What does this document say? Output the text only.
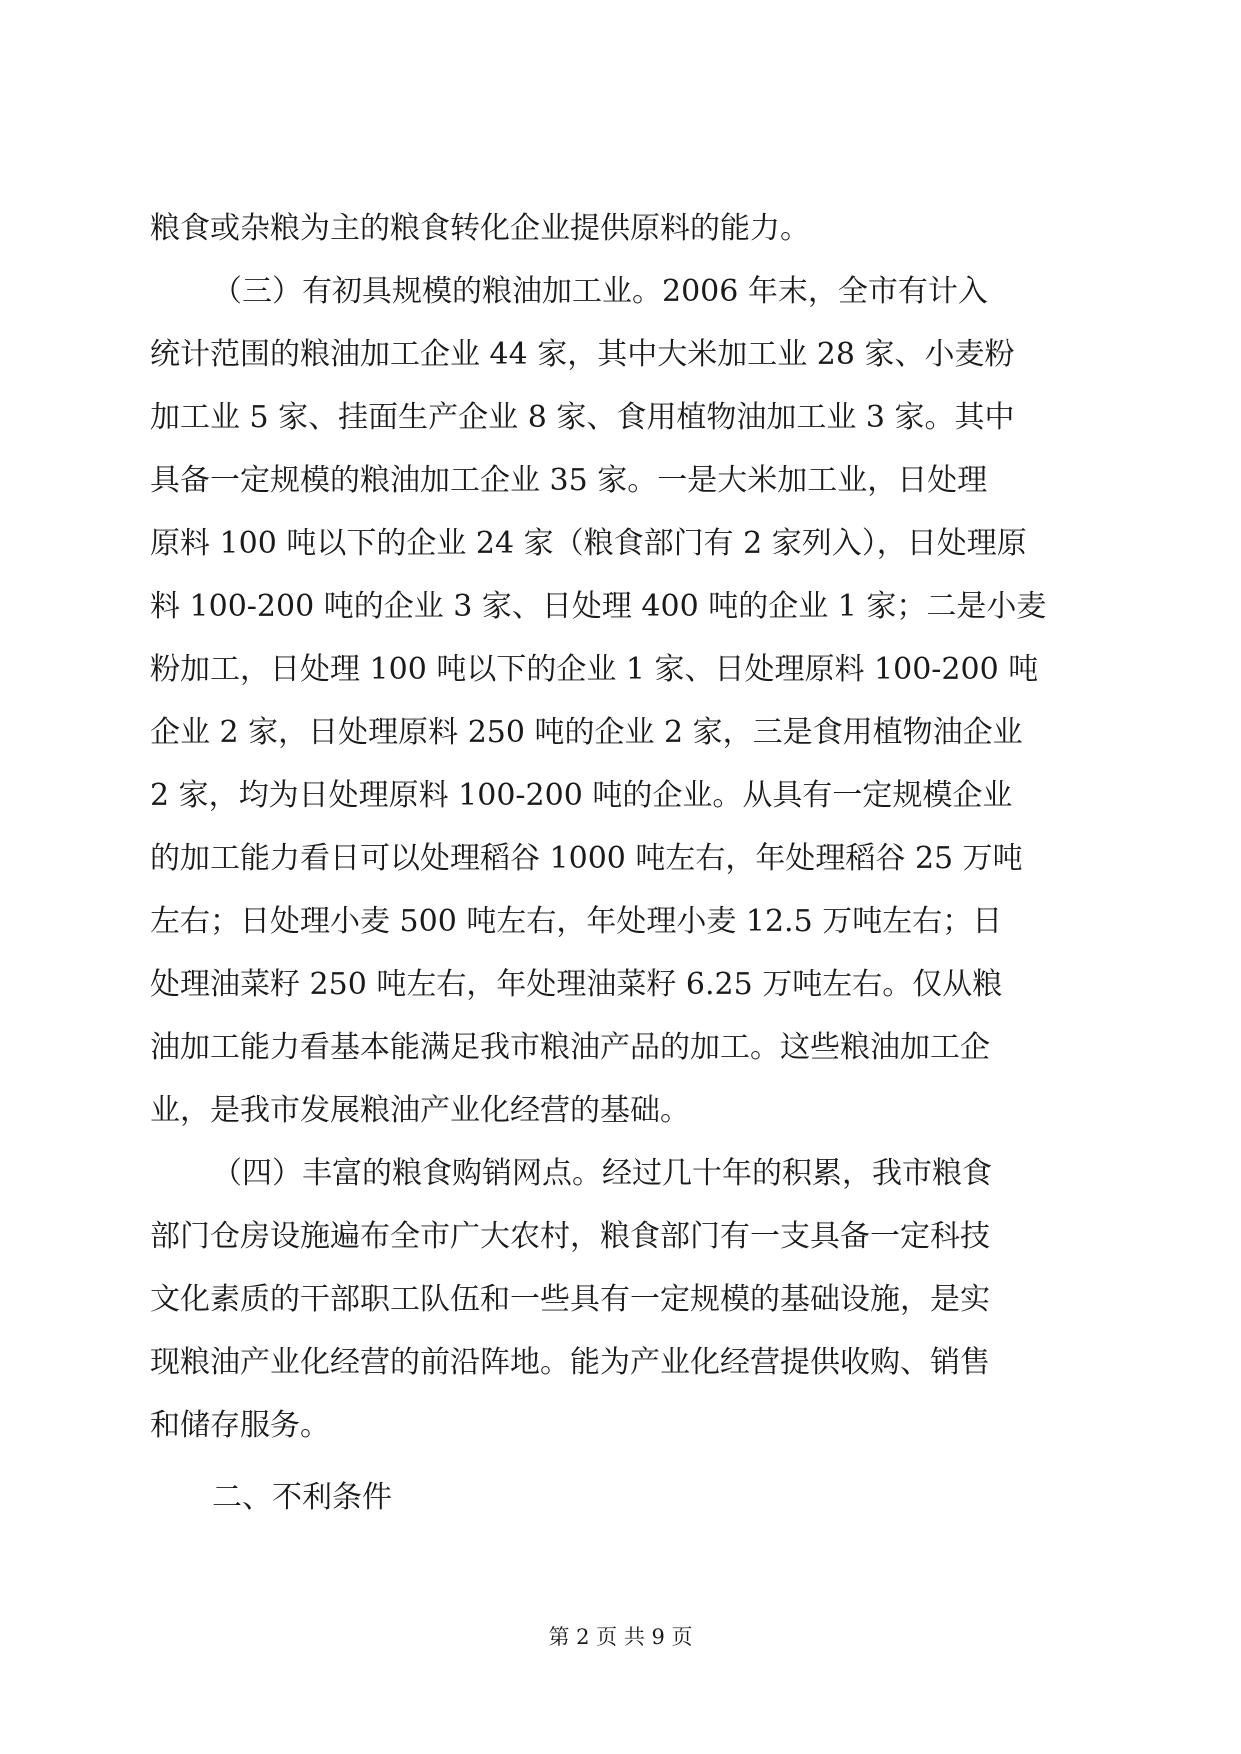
粮食或杂粮为主的粮食转化企业提供原料的能力。
（三）有初具规模的粮油加工业。2006 年末，全市有计入
统计范围的粮油加工企业 44 家，其中大米加工业 28 家、小麦粉
加工业 5 家、挂面生产企业 8 家、食用植物油加工业 3 家。其中
具备一定规模的粮油加工企业 35 家。一是大米加工业，日处理
原料 100 吨以下的企业 24 家（粮食部门有 2 家列入），日处理原
料 100-200 吨的企业 3 家、日处理 400 吨的企业 1 家；二是小麦
粉加工，日处理 100 吨以下的企业 1 家、日处理原料 100-200 吨
企业 2 家，日处理原料 250 吨的企业 2 家，三是食用植物油企业
2 家，均为日处理原料 100-200 吨的企业。从具有一定规模企业
的加工能力看日可以处理稻谷 1000 吨左右，年处理稻谷 25 万吨
左右；日处理小麦 500 吨左右，年处理小麦 12.5 万吨左右；日
处理油菜籽 250 吨左右，年处理油菜籽 6.25 万吨左右。仅从粮
油加工能力看基本能满足我市粮油产品的加工。这些粮油加工企
业，是我市发展粮油产业化经营的基础。
（四）丰富的粮食购销网点。经过几十年的积累，我市粮食
部门仓房设施遍布全市广大农村，粮食部门有一支具备一定科技
文化素质的干部职工队伍和一些具有一定规模的基础设施，是实
现粮油产业化经营的前沿阵地。能为产业化经营提供收购、销售
和储存服务。
二、不利条件
第 2 页 共 9 页
